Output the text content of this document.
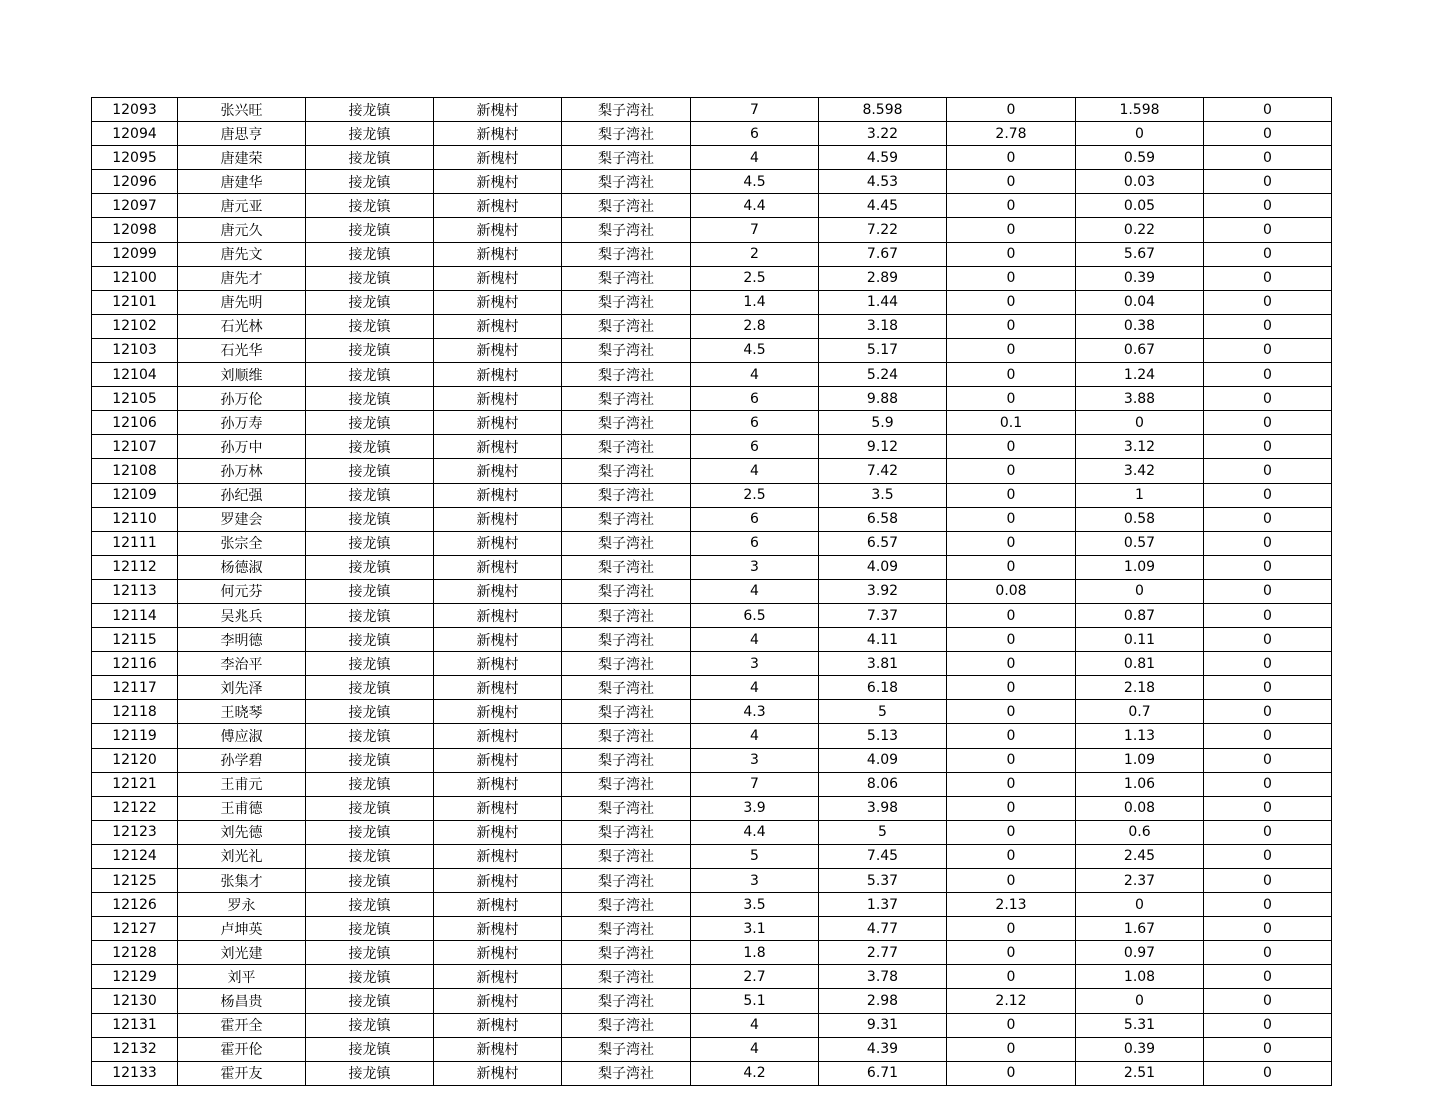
12093	张兴旺	接龙镇	新槐村	梨子湾社	7	8.598	0	1.598	0
12094	唐思亨	接龙镇	新槐村	梨子湾社	6	3.22	2.78	0	0
12095	唐建荣	接龙镇	新槐村	梨子湾社	4	4.59	0	0.59	0
12096	唐建华	接龙镇	新槐村	梨子湾社	4.5	4.53	0	0.03	0
12097	唐元亚	接龙镇	新槐村	梨子湾社	4.4	4.45	0	0.05	0
12098	唐元久	接龙镇	新槐村	梨子湾社	7	7.22	0	0.22	0
12099	唐先文	接龙镇	新槐村	梨子湾社	2	7.67	0	5.67	0
12100	唐先才	接龙镇	新槐村	梨子湾社	2.5	2.89	0	0.39	0
12101	唐先明	接龙镇	新槐村	梨子湾社	1.4	1.44	0	0.04	0
12102	石光林	接龙镇	新槐村	梨子湾社	2.8	3.18	0	0.38	0
12103	石光华	接龙镇	新槐村	梨子湾社	4.5	5.17	0	0.67	0
12104	刘顺维	接龙镇	新槐村	梨子湾社	4	5.24	0	1.24	0
12105	孙万伦	接龙镇	新槐村	梨子湾社	6	9.88	0	3.88	0
12106	孙万寿	接龙镇	新槐村	梨子湾社	6	5.9	0.1	0	0
12107	孙万中	接龙镇	新槐村	梨子湾社	6	9.12	0	3.12	0
12108	孙万林	接龙镇	新槐村	梨子湾社	4	7.42	0	3.42	0
12109	孙纪强	接龙镇	新槐村	梨子湾社	2.5	3.5	0	1	0
12110	罗建会	接龙镇	新槐村	梨子湾社	6	6.58	0	0.58	0
12111	张宗全	接龙镇	新槐村	梨子湾社	6	6.57	0	0.57	0
12112	杨德淑	接龙镇	新槐村	梨子湾社	3	4.09	0	1.09	0
12113	何元芬	接龙镇	新槐村	梨子湾社	4	3.92	0.08	0	0
12114	吴兆兵	接龙镇	新槐村	梨子湾社	6.5	7.37	0	0.87	0
12115	李明德	接龙镇	新槐村	梨子湾社	4	4.11	0	0.11	0
12116	李治平	接龙镇	新槐村	梨子湾社	3	3.81	0	0.81	0
12117	刘先泽	接龙镇	新槐村	梨子湾社	4	6.18	0	2.18	0
12118	王晓琴	接龙镇	新槐村	梨子湾社	4.3	5	0	0.7	0
12119	傅应淑	接龙镇	新槐村	梨子湾社	4	5.13	0	1.13	0
12120	孙学碧	接龙镇	新槐村	梨子湾社	3	4.09	0	1.09	0
12121	王甫元	接龙镇	新槐村	梨子湾社	7	8.06	0	1.06	0
12122	王甫德	接龙镇	新槐村	梨子湾社	3.9	3.98	0	0.08	0
12123	刘先德	接龙镇	新槐村	梨子湾社	4.4	5	0	0.6	0
12124	刘光礼	接龙镇	新槐村	梨子湾社	5	7.45	0	2.45	0
12125	张集才	接龙镇	新槐村	梨子湾社	3	5.37	0	2.37	0
12126	罗永	接龙镇	新槐村	梨子湾社	3.5	1.37	2.13	0	0
12127	卢坤英	接龙镇	新槐村	梨子湾社	3.1	4.77	0	1.67	0
12128	刘光建	接龙镇	新槐村	梨子湾社	1.8	2.77	0	0.97	0
12129	刘平	接龙镇	新槐村	梨子湾社	2.7	3.78	0	1.08	0
12130	杨昌贵	接龙镇	新槐村	梨子湾社	5.1	2.98	2.12	0	0
12131	霍开全	接龙镇	新槐村	梨子湾社	4	9.31	0	5.31	0
12132	霍开伦	接龙镇	新槐村	梨子湾社	4	4.39	0	0.39	0
12133	霍开友	接龙镇	新槐村	梨子湾社	4.2	6.71	0	2.51	0
